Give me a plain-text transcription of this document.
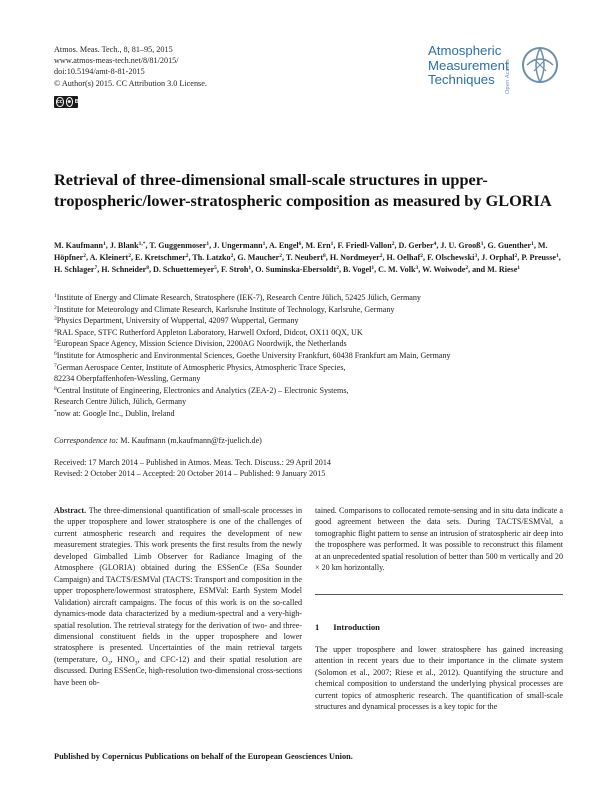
Atmos. Meas. Tech., 8, 81–95, 2015
www.atmos-meas-tech.net/8/81/2015/
doi:10.5194/amt-8-81-2015
© Author(s) 2015. CC Attribution 3.0 License.
cc ☻ BY
Atmospheric
Measurement
Techniques	Open Access
Retrieval of three-dimensional small-scale structures in upper-tropospheric/lower-stratospheric composition as measured by GLORIA
M. Kaufmann$^1$, J. Blank$^{1,*}$, T. Guggenmoser$^1$, J. Ungermann$^1$, A. Engel$^6$, M. Ern$^1$, F. Friedl-Vallon$^2$, D. Gerber$^4$, J. U. Grooß$^1$, G. Guenther$^1$, M. Höpfner$^2$, A. Kleinert$^2$, E. Kretschmer$^2$, Th. Latzko$^2$, G. Maucher$^2$, T. Neubert$^8$, H. Nordmeyer$^2$, H. Oelhaf$^2$, F. Olschewski$^3$, J. Orphal$^2$, P. Preusse$^1$, H. Schlager$^7$, H. Schneider$^8$, D. Schuettemeyer$^5$, F. Stroh$^1$, O. Suminska-Ebersoldt$^2$, B. Vogel$^1$, C. M. Volk$^3$, W. Woiwode$^2$, and M. Riese$^1$
$^1$Institute of Energy and Climate Research, Stratosphere (IEK-7), Research Centre Jülich, 52425 Jülich, Germany
$^2$Institute for Meteorology and Climate Research, Karlsruhe Institute of Technology, Karlsruhe, Germany
$^3$Physics Department, University of Wuppertal, 42097 Wuppertal, Germany
$^4$RAL Space, STFC Rutherford Appleton Laboratory, Harwell Oxford, Didcot, OX11 0QX, UK
$^5$European Space Agency, Mission Science Division, 2200AG Noordwijk, the Netherlands
$^6$Institute for Atmospheric and Environmental Sciences, Goethe University Frankfurt, 60438 Frankfurt am Main, Germany
$^7$German Aerospace Center, Institute of Atmospheric Physics, Atmospheric Trace Species,
82234 Oberpfaffenhofen-Wessling, Germany
$^8$Central Institute of Engineering, Electronics and Analytics (ZEA-2) – Electronic Systems,
Research Centre Jülich, Jülich, Germany
*now at: Google Inc., Dublin, Ireland
Correspondence to: M. Kaufmann (m.kaufmann@fz-juelich.de)
Received: 17 March 2014 – Published in Atmos. Meas. Tech. Discuss.: 29 April 2014
Revised: 2 October 2014 – Accepted: 20 October 2014 – Published: 9 January 2015
Abstract. The three-dimensional quantification of small-scale processes in the upper troposphere and lower stratosphere is one of the challenges of current atmospheric research and requires the development of new measurement strategies. This work presents the first results from the newly developed Gimballed Limb Observer for Radiance Imaging of the Atmosphere (GLORIA) obtained during the ESSenCe (ESa Sounder Campaign) and TACTS/ESMVal (TACTS: Transport and composition in the upper troposphere/lowermost stratosphere, ESMVal: Earth System Model Validation) aircraft campaigns. The focus of this work is on the so-called dynamics-mode data characterized by a medium-spectral and a very-high-spatial resolution. The retrieval strategy for the derivation of two- and three-dimensional constituent fields in the upper troposphere and lower stratosphere is presented. Uncertainties of the main retrieval targets (temperature, $O_3$, $HNO_3$, and CFC-12) and their spatial resolution are discussed. During ESSenCe, high-resolution two-dimensional cross-sections have been ob-
tained. Comparisons to collocated remote-sensing and in situ data indicate a good agreement between the data sets. During TACTS/ESMVal, a tomographic flight pattern to sense an intrusion of stratospheric air deep into the troposphere was performed. It was possible to reconstruct this filament at an unprecedented spatial resolution of better than 500 m vertically and 20 × 20 km horizontally.
1 Introduction
The upper troposphere and lower stratosphere has gained increasing attention in recent years due to their importance in the climate system (Solomon et al., 2007; Riese et al., 2012). Quantifying the structure and chemical composition to understand the underlying physical processes are current topics of atmospheric research. The quantification of small-scale structures and dynamical processes is a key topic for the
Published by Copernicus Publications on behalf of the European Geosciences Union.
